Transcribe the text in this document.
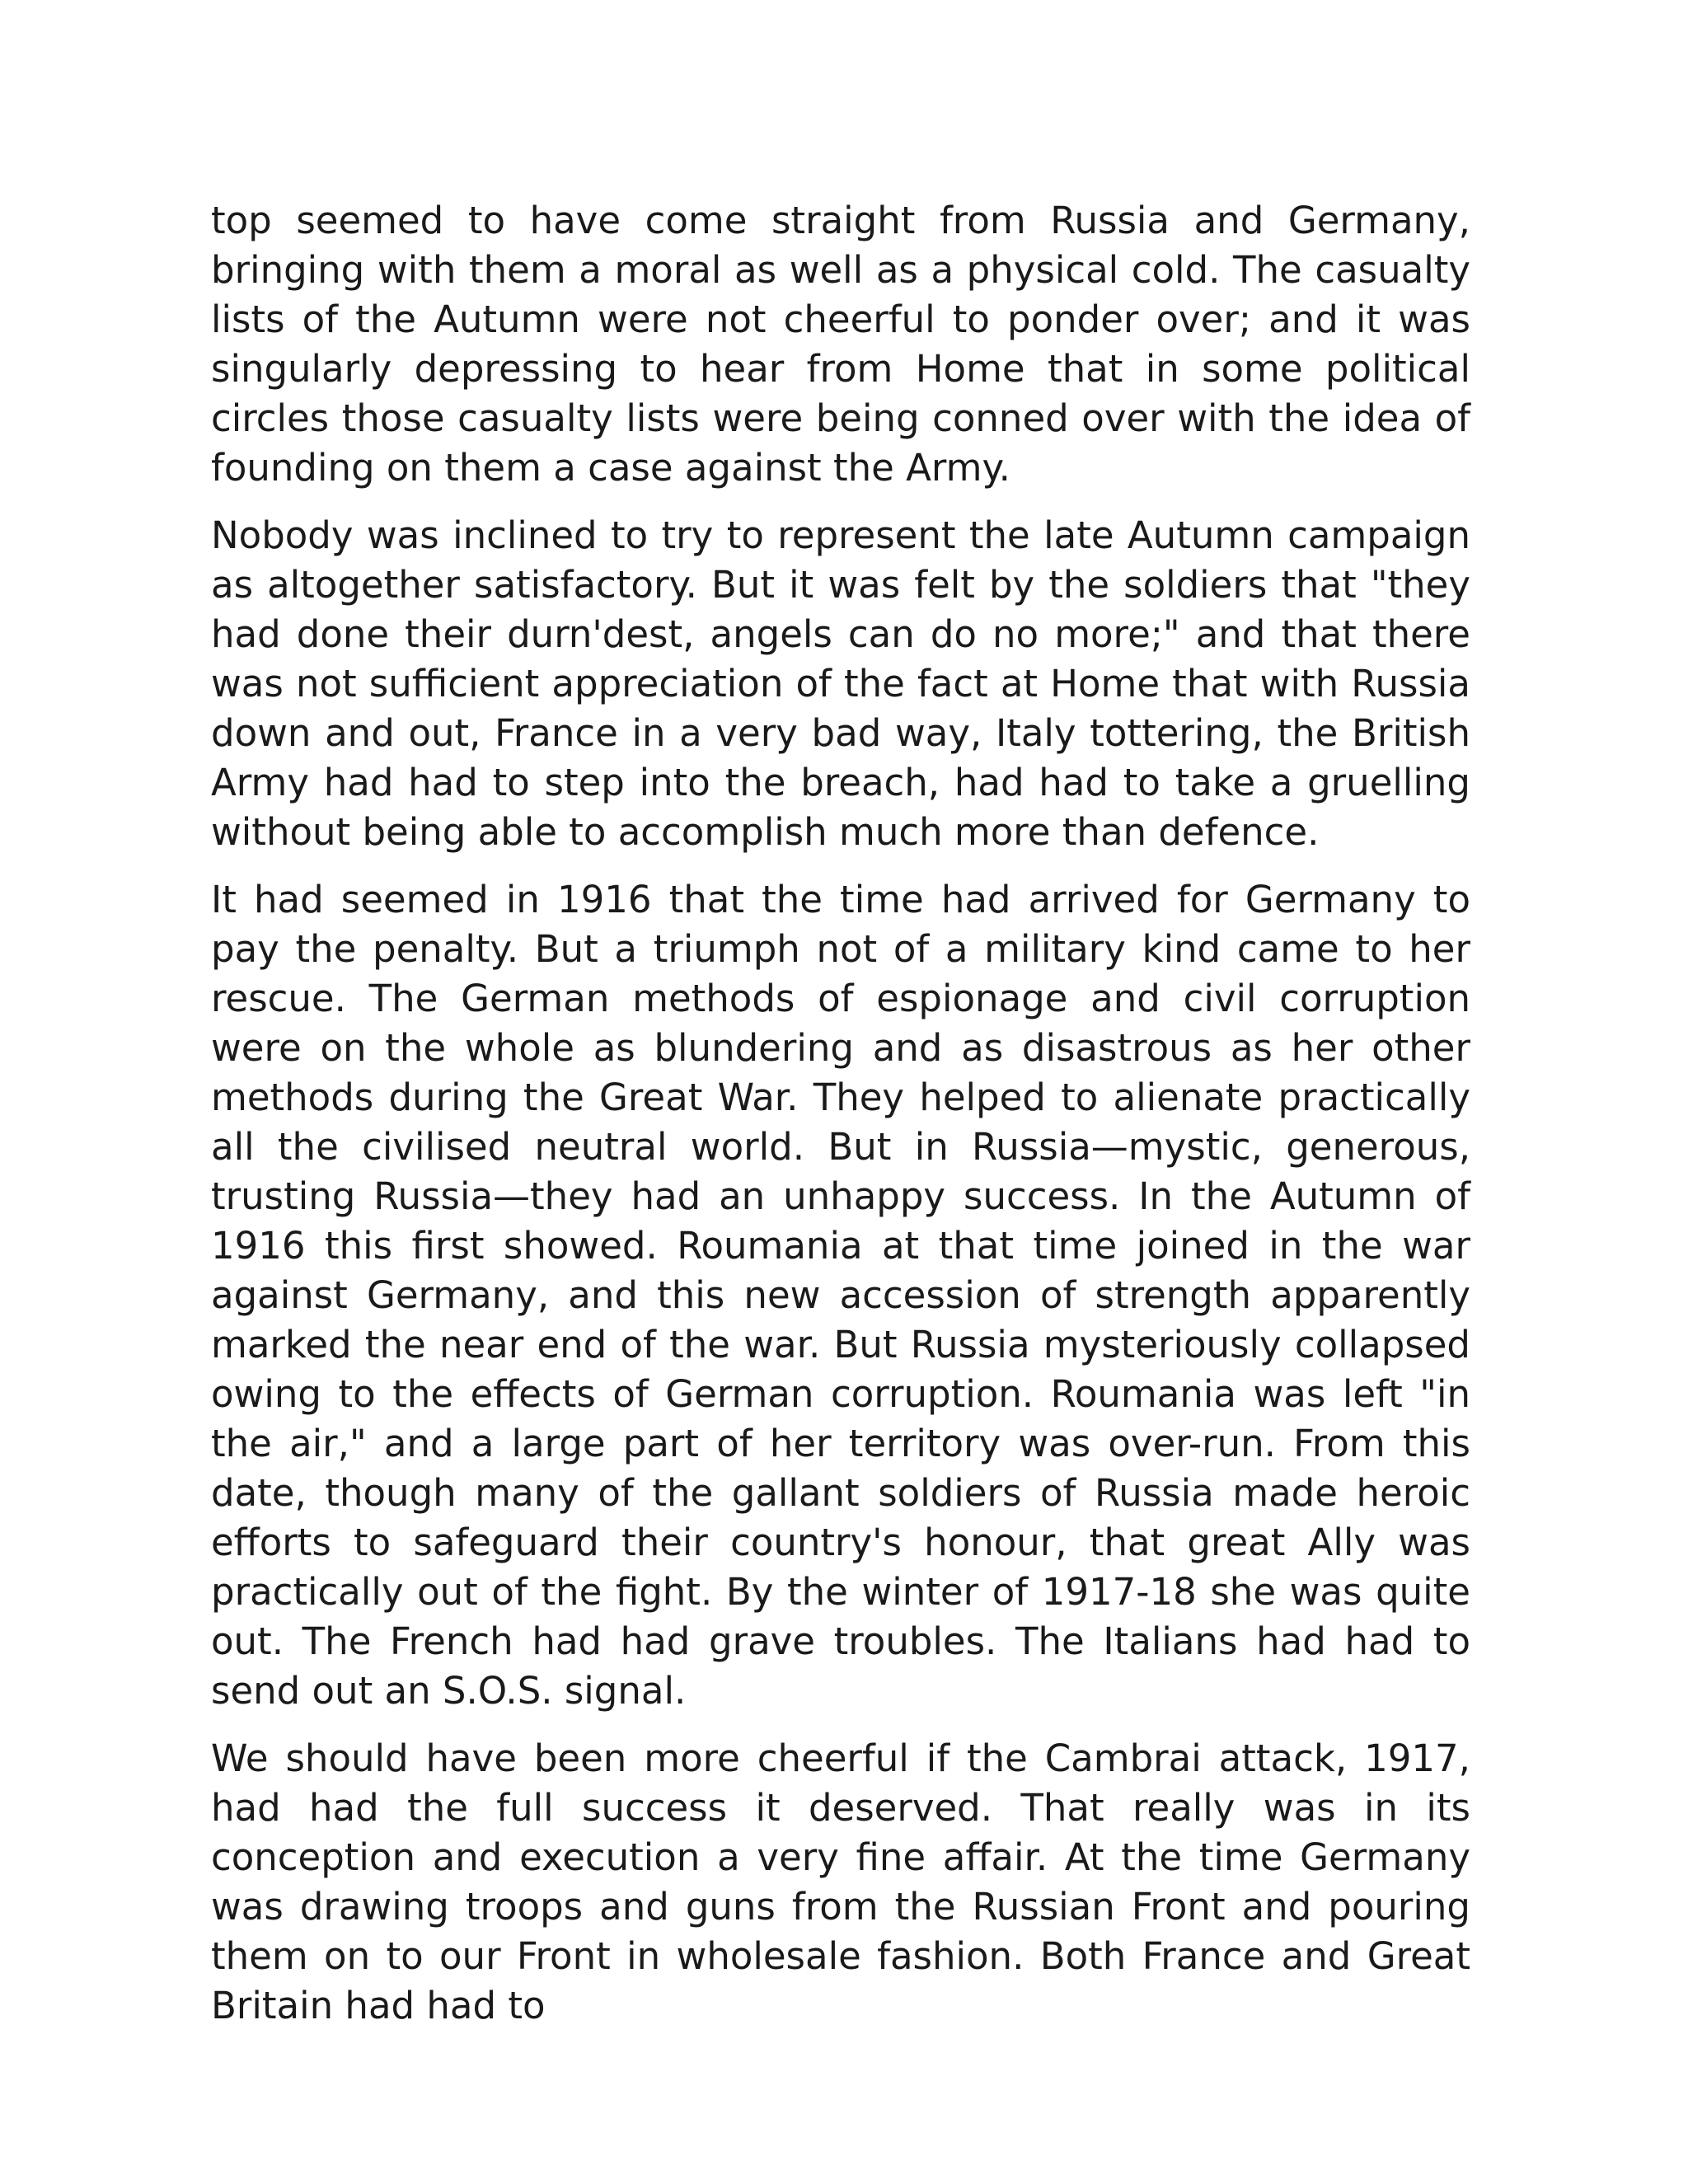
top seemed to have come straight from Russia and Germany, bringing with them a moral as well as a physical cold. The casualty lists of the Autumn were not cheerful to ponder over; and it was singularly depressing to hear from Home that in some political circles those casualty lists were being conned over with the idea of founding on them a case against the Army.

Nobody was inclined to try to represent the late Autumn campaign as altogether satisfactory. But it was felt by the soldiers that "they had done their durn'dest, angels can do no more;" and that there was not sufficient appreciation of the fact at Home that with Russia down and out, France in a very bad way, Italy tottering, the British Army had had to step into the breach, had had to take a gruelling without being able to accomplish much more than defence.

It had seemed in 1916 that the time had arrived for Germany to pay the penalty. But a triumph not of a military kind came to her rescue. The German methods of espionage and civil corruption were on the whole as blundering and as disastrous as her other methods during the Great War. They helped to alienate practically all the civilised neutral world. But in Russia—mystic, generous, trusting Russia—they had an unhappy success. In the Autumn of 1916 this first showed. Roumania at that time joined in the war against Germany, and this new accession of strength apparently marked the near end of the war. But Russia mysteriously collapsed owing to the effects of German corruption. Roumania was left "in the air," and a large part of her territory was over-run. From this date, though many of the gallant soldiers of Russia made heroic efforts to safeguard their country's honour, that great Ally was practically out of the fight. By the winter of 1917-18 she was quite out. The French had had grave troubles. The Italians had had to send out an S.O.S. signal.

We should have been more cheerful if the Cambrai attack, 1917, had had the full success it deserved. That really was in its conception and execution a very fine affair. At the time Germany was drawing troops and guns from the Russian Front and pouring them on to our Front in wholesale fashion. Both France and Great Britain had had to
